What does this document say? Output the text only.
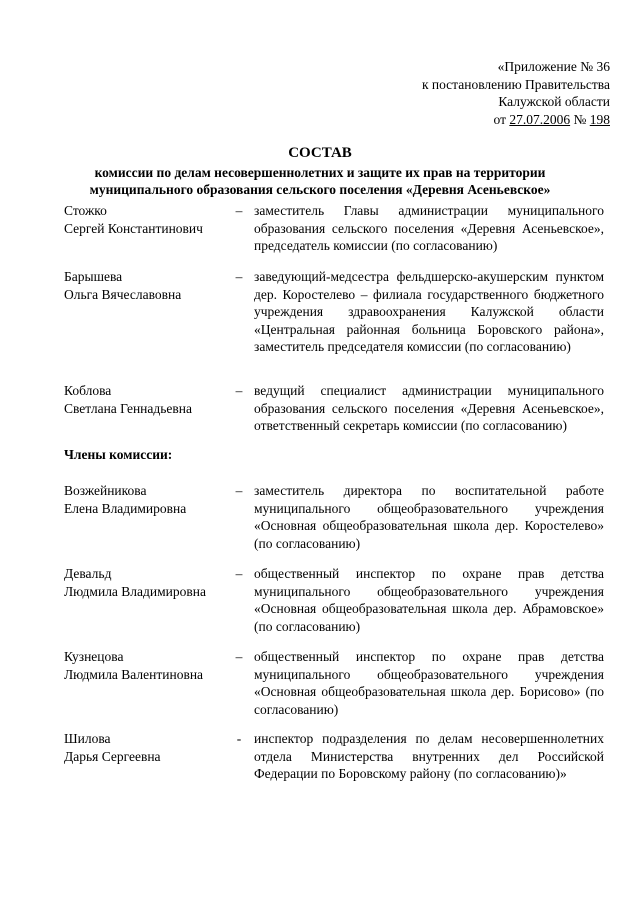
«Приложение № 36
к постановлению Правительства
Калужской области
от 27.07.2006 № 198
СОСТАВ
комиссии по делам несовершеннолетних и защите их прав на территории
муниципального образования сельского поселения «Деревня Асеньевское»
Стожко
Сергей Константинович
– заместитель Главы администрации муниципального образования сельского поселения «Деревня Асеньевское», председатель комиссии (по согласованию)
Барышева
Ольга Вячеславовна
– заведующий-медсестра фельдшерско-акушерским пунктом дер. Коростелево – филиала государственного бюджетного учреждения здравоохранения Калужской области «Центральная районная больница Боровского района», заместитель председателя комиссии (по согласованию)
Коблова
Светлана Геннадьевна
– ведущий специалист администрации муниципального образования сельского поселения «Деревня Асеньевское», ответственный секретарь комиссии (по согласованию)
Члены комиссии:
Возжейникова
Елена Владимировна
– заместитель директора по воспитательной работе муниципального общеобразовательного учреждения «Основная общеобразовательная школа дер. Коростелево» (по согласованию)
Девальд
Людмила Владимировна
– общественный инспектор по охране прав детства муниципального общеобразовательного учреждения «Основная общеобразовательная школа дер. Абрамовское» (по согласованию)
Кузнецова
Людмила Валентиновна
– общественный инспектор по охране прав детства муниципального общеобразовательного учреждения «Основная общеобразовательная школа дер. Борисово» (по согласованию)
Шилова
Дарья Сергеевна
- инспектор подразделения по делам несовершеннолетних отдела Министерства внутренних дел Российской Федерации по Боровскому району (по согласованию)»
